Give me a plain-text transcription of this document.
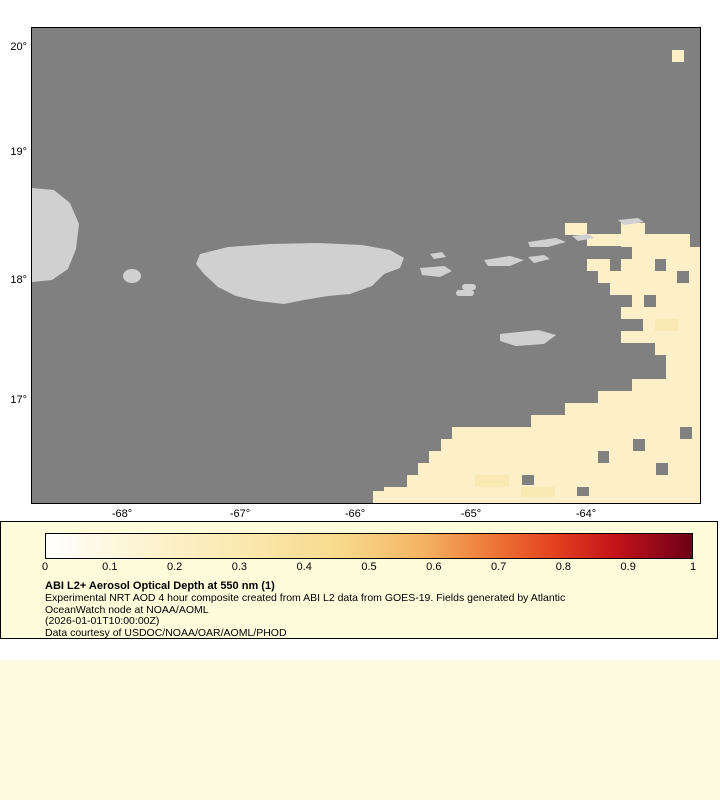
20°
19°
18°
17°
-68°	-67°	-66°	-65°	-64°
0	0.1	0.2	0.3	0.4	0.5	0.6	0.7	0.8	0.9	1
ABI L2+ Aerosol Optical Depth at 550 nm (1)
Experimental NRT AOD 4 hour composite created from ABI L2 data from GOES-19. Fields generated by Atlantic
OceanWatch node at NOAA/AOML
(2026-01-01T10:00:00Z)
Data courtesy of USDOC/NOAA/OAR/AOML/PHOD
